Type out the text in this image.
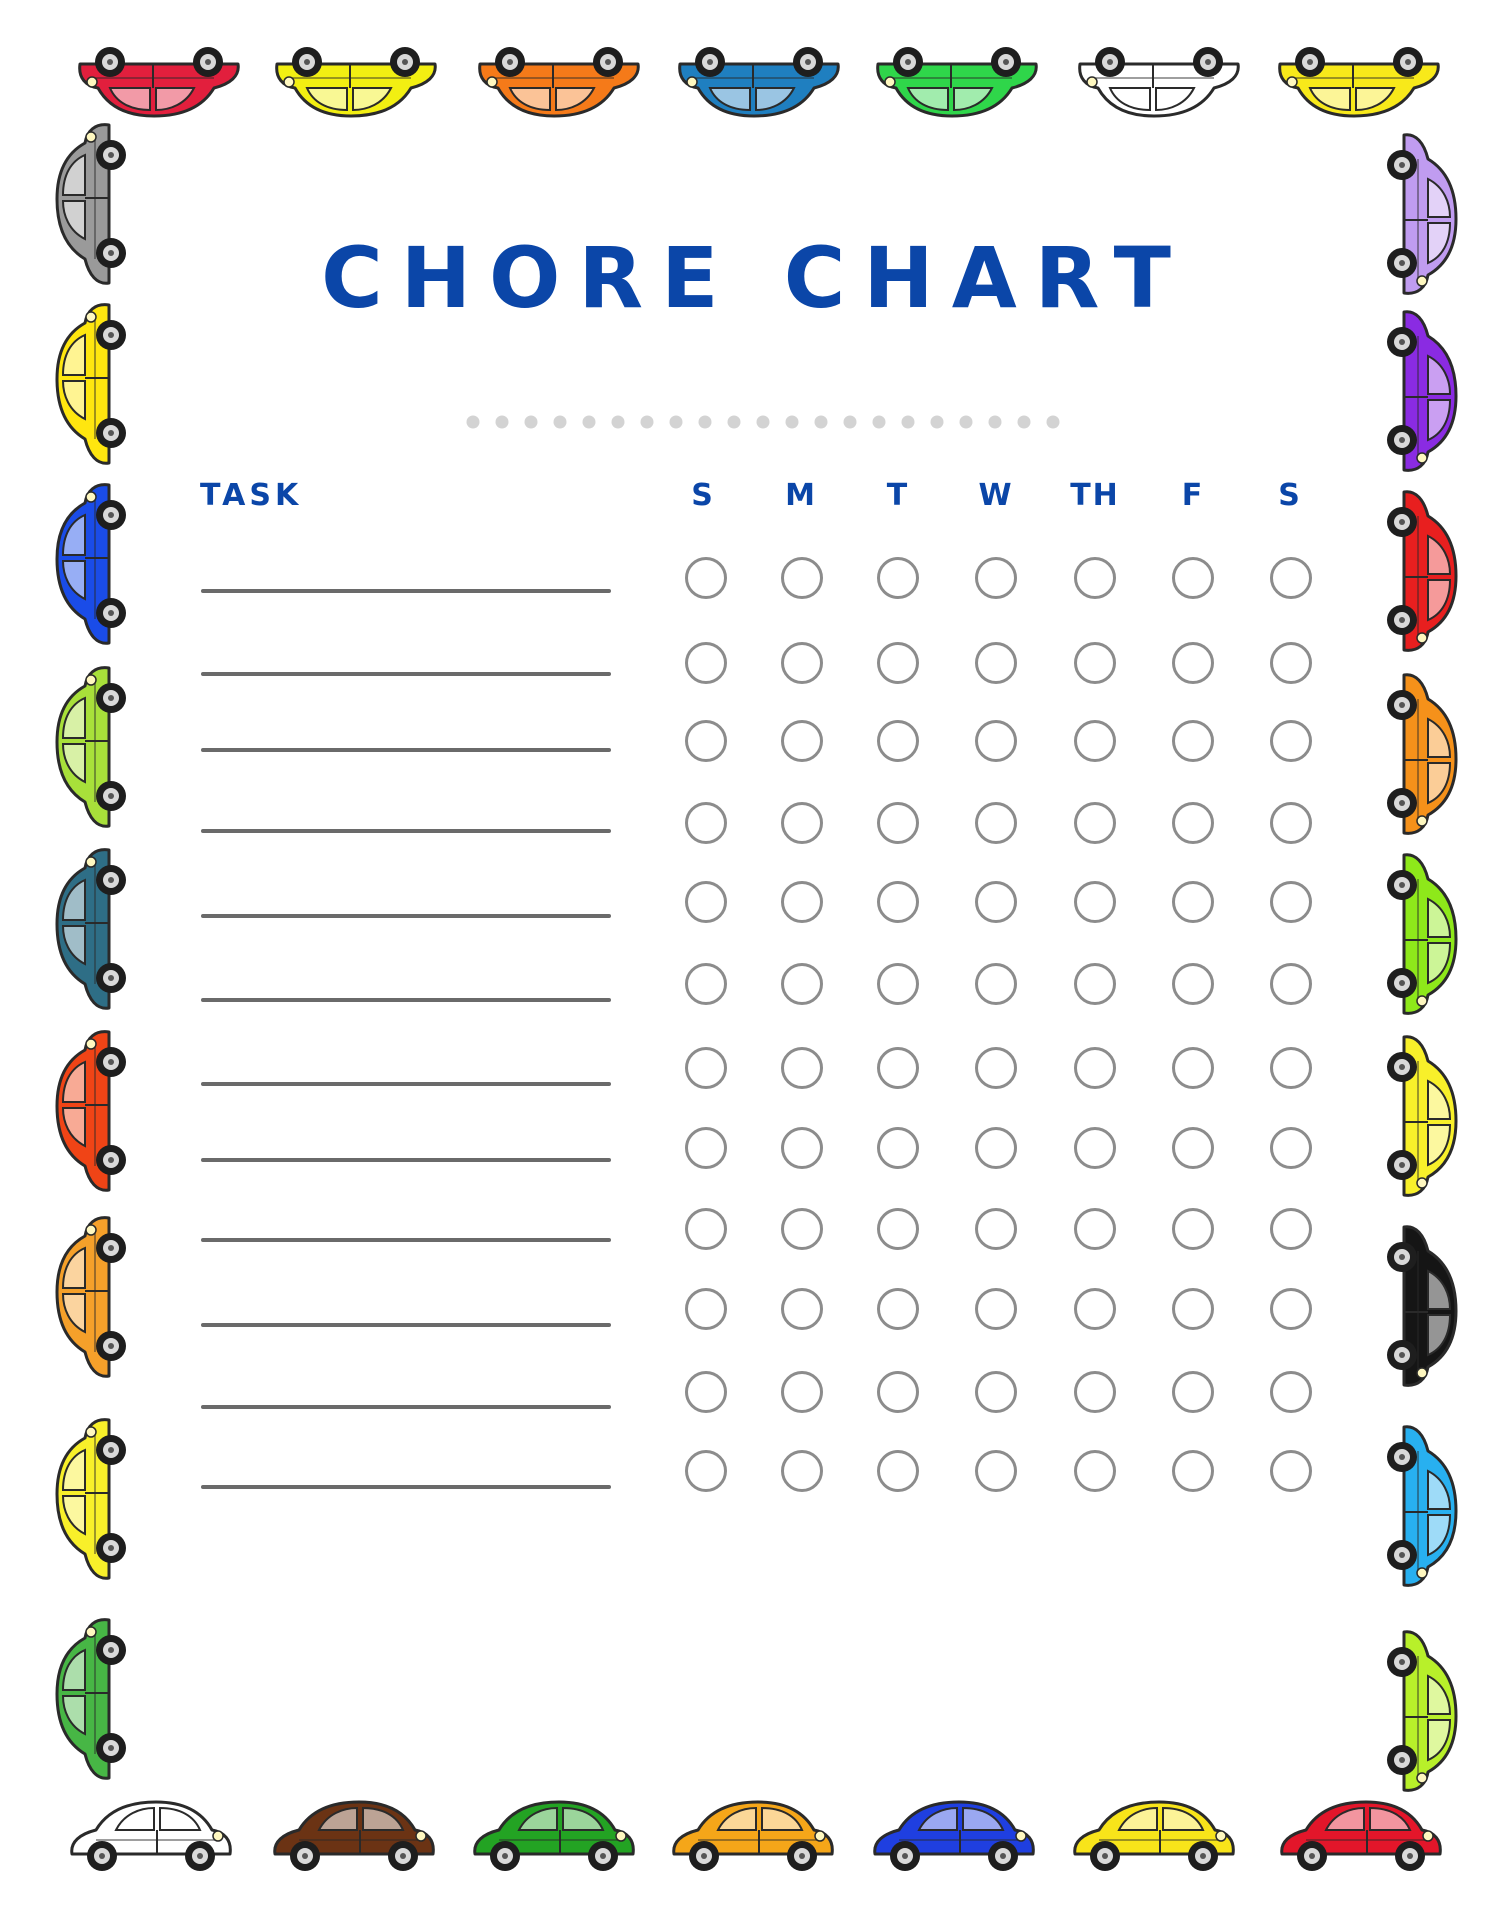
CHORE CHART
TASK	S	M	T	W	TH	F	S
